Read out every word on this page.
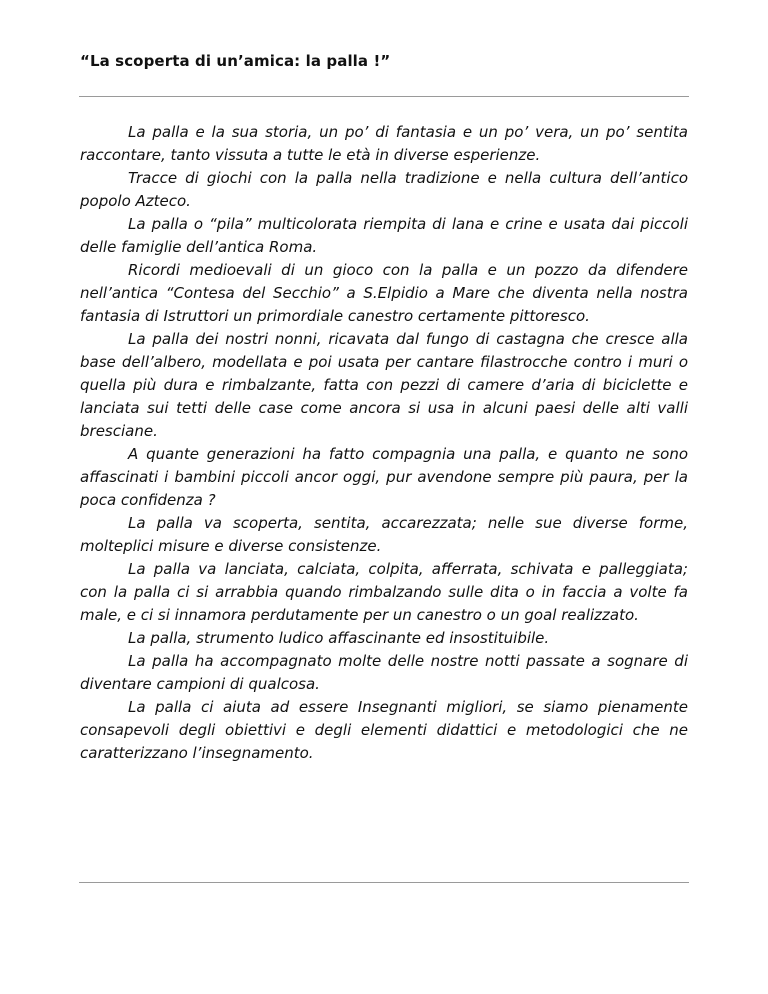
“La scoperta di un’amica: la palla !”

La palla e la sua storia, un po’ di fantasia e un po’ vera, un po’ sentita raccontare, tanto vissuta a tutte le età in diverse esperienze.

Tracce di giochi con la palla nella tradizione e nella cultura dell’antico popolo Azteco.

La palla o “pila” multicolorata riempita di lana e crine e usata dai piccoli delle famiglie dell’antica Roma.

Ricordi medioevali di un gioco con la palla e un pozzo da difendere nell’antica “Contesa del Secchio” a S.Elpidio a Mare che diventa nella nostra fantasia di Istruttori un primordiale canestro certamente pittoresco.

La palla dei nostri nonni, ricavata dal fungo di castagna che cresce alla base dell’albero, modellata e poi usata per cantare filastrocche contro i muri o quella più dura e rimbalzante, fatta con pezzi di camere d’aria di biciclette e lanciata sui tetti delle case come ancora si usa in alcuni paesi delle alti valli bresciane.

A quante generazioni ha fatto compagnia una palla, e quanto ne sono affascinati i bambini piccoli ancor oggi, pur avendone sempre più paura, per la poca confidenza ?

La palla va scoperta, sentita, accarezzata; nelle sue diverse forme, molteplici misure e diverse consistenze.

La palla va lanciata, calciata, colpita, afferrata, schivata e palleggiata; con la palla ci si arrabbia quando rimbalzando sulle dita o in faccia a volte fa male, e ci si innamora perdutamente per un canestro o un goal realizzato.

La palla, strumento ludico affascinante ed insostituibile.

La palla ha accompagnato molte delle nostre notti passate a sognare di diventare campioni di qualcosa.

La palla ci aiuta ad essere Insegnanti migliori, se siamo pienamente consapevoli degli obiettivi e degli elementi didattici e metodologici che ne caratterizzano l’insegnamento.
